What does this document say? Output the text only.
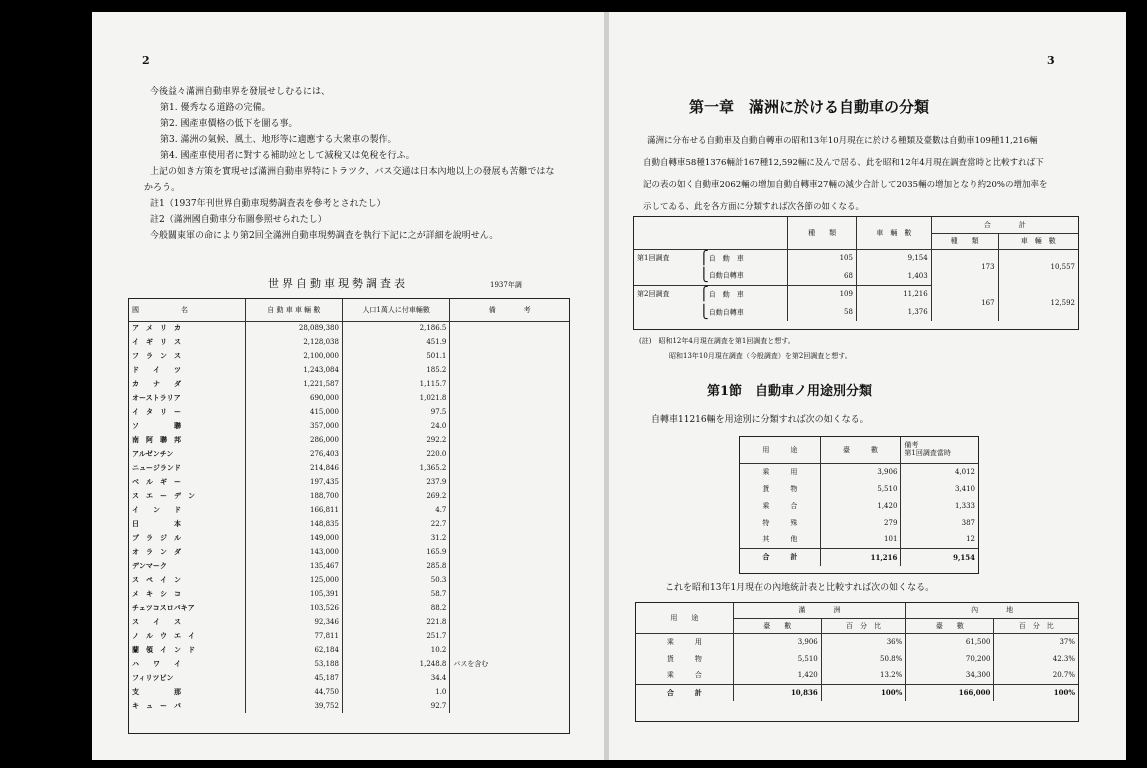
2
今後益々滿洲自動車界を發展せしむるには、
第1. 優秀なる道路の完備。
第2. 國產車價格の低下を圖る事。
第3. 滿洲の氣候、風土、地形等に適應する大衆車の製作。
第4. 國產車使用者に對する補助竝として減稅又は免稅を行ふ。
上記の如き方策を實現せば滿洲自動車界特にトラツク、バス交通は日本內地以上の發展も苦難ではな
かろう。
註1（1937年刊世界自動車現勢調査表を參考とされたし）
註2（滿洲國自動車分布圖參照せられたし）
今般關東軍の命により第2回全滿洲自動車現勢調査を執行下記に之が詳細を說明せん。
世界自動車現勢調査表	1937年調
國　　　　　　名	自 動 車 車 輛 數	人口1萬人に付車輛數	備　　　　考
ア　メ　リ　カ	28,089,380	2,186.5	
イ　ギ　リ　ス	2,128,038	451.9	
フ　ラ　ン　ス	2,100,000	501.1	
ド　　イ　　ツ	1,243,084	185.2	
カ　　ナ　　ダ	1,221,587	1,115.7	
オーストラリア	690,000	1,021.8	
イ　タ　リ　ー	415,000	97.5	
ソ　　　　　聯	357,000	24.0	
南　阿　聯　邦	286,000	292.2	
アルゼンチン	276,403	220.0	
ニュージランド	214,846	1,365.2	
ベ　ル　ギ　ー	197,435	237.9	
ス　エ　ー　デ　ン	188,700	269.2	
イ　　ン　　ド	166,811	4.7	
日　　　　　本	148,835	22.7	
ブ　ラ　ジ　ル	149,000	31.2	
オ　ラ　ン　ダ	143,000	165.9	
デンマーク	135,467	285.8	
ス　ペ　イ　ン	125,000	50.3	
メ　キ　シ　コ	105,391	58.7	
チェツコスロバキア	103,526	88.2	
ス　　イ　　ス	92,346	221.8	
ノ　ル　ウ　エ　イ	77,811	251.7	
蘭　領　イ　ン　ド	62,184	10.2	
ハ　　ワ　　イ	53,188	1,248.8	バスを含む
フィリツピン	45,187	34.4	
支　　　　　那	44,750	1.0	
キ　ュ　ー　バ	39,752	92.7	
3
第一章　滿洲に於ける自動車の分類
滿洲に分布せる自動車及自動自轉車の昭和13年10月現在に於ける種類及臺數は自動車109種11,216輛
自動自轉車58種1376輛計167種12,592輛に及んで居る、此を昭和12年4月現在調査當時と比較すれば下
記の表の如く自動車2062輛の增加自動自轉車27輛の減少合計して2035輛の增加となり約20%の增加率を
示してゐる、此を各方面に分類すれば次各節の如くなる。
	種　　類	車　輛　數	合　　　　計	
			種　　類	車　輛　數
第1回調査 ⎧自　動　車	105	9,154	173	10,557
⎩自動自轉車	68	1,403		
第2回調査 ⎧自　動　車	109	11,216	167	12,592
⎩自動自轉車	58	1,376		
(註)　昭和12年4月現在調査を第1回調査と想す。
昭和13年10月現在調査（今般調査）を第2回調査と想す。
第1節　自動車ノ用途別分類
自轉車11216輛を用途別に分類すれば次の如くなる。
用　　　途	臺　　　數	備考
第1回調査當時
乘　　　用	3,906	4,012
貨　　　物	5,510	3,410
乘　　　合	1,420	1,333
特　　　殊	279	387
其　　　他	101	12
合　　　計	11,216	9,154
これを昭和13年1月現在の內地統計表と比較すれば次の如くなる。
用　　途	滿　　　　洲		內　　　　地	
	臺　　數	百　分　比	臺　　數	百　分　比
乘　　　用	3,906	36%	61,500	37%
貨　　　物	5,510	50.8%	70,200	42.3%
乘　　　合	1,420	13.2%	34,300	20.7%
合　　　計	10,836	100%	166,000	100%
